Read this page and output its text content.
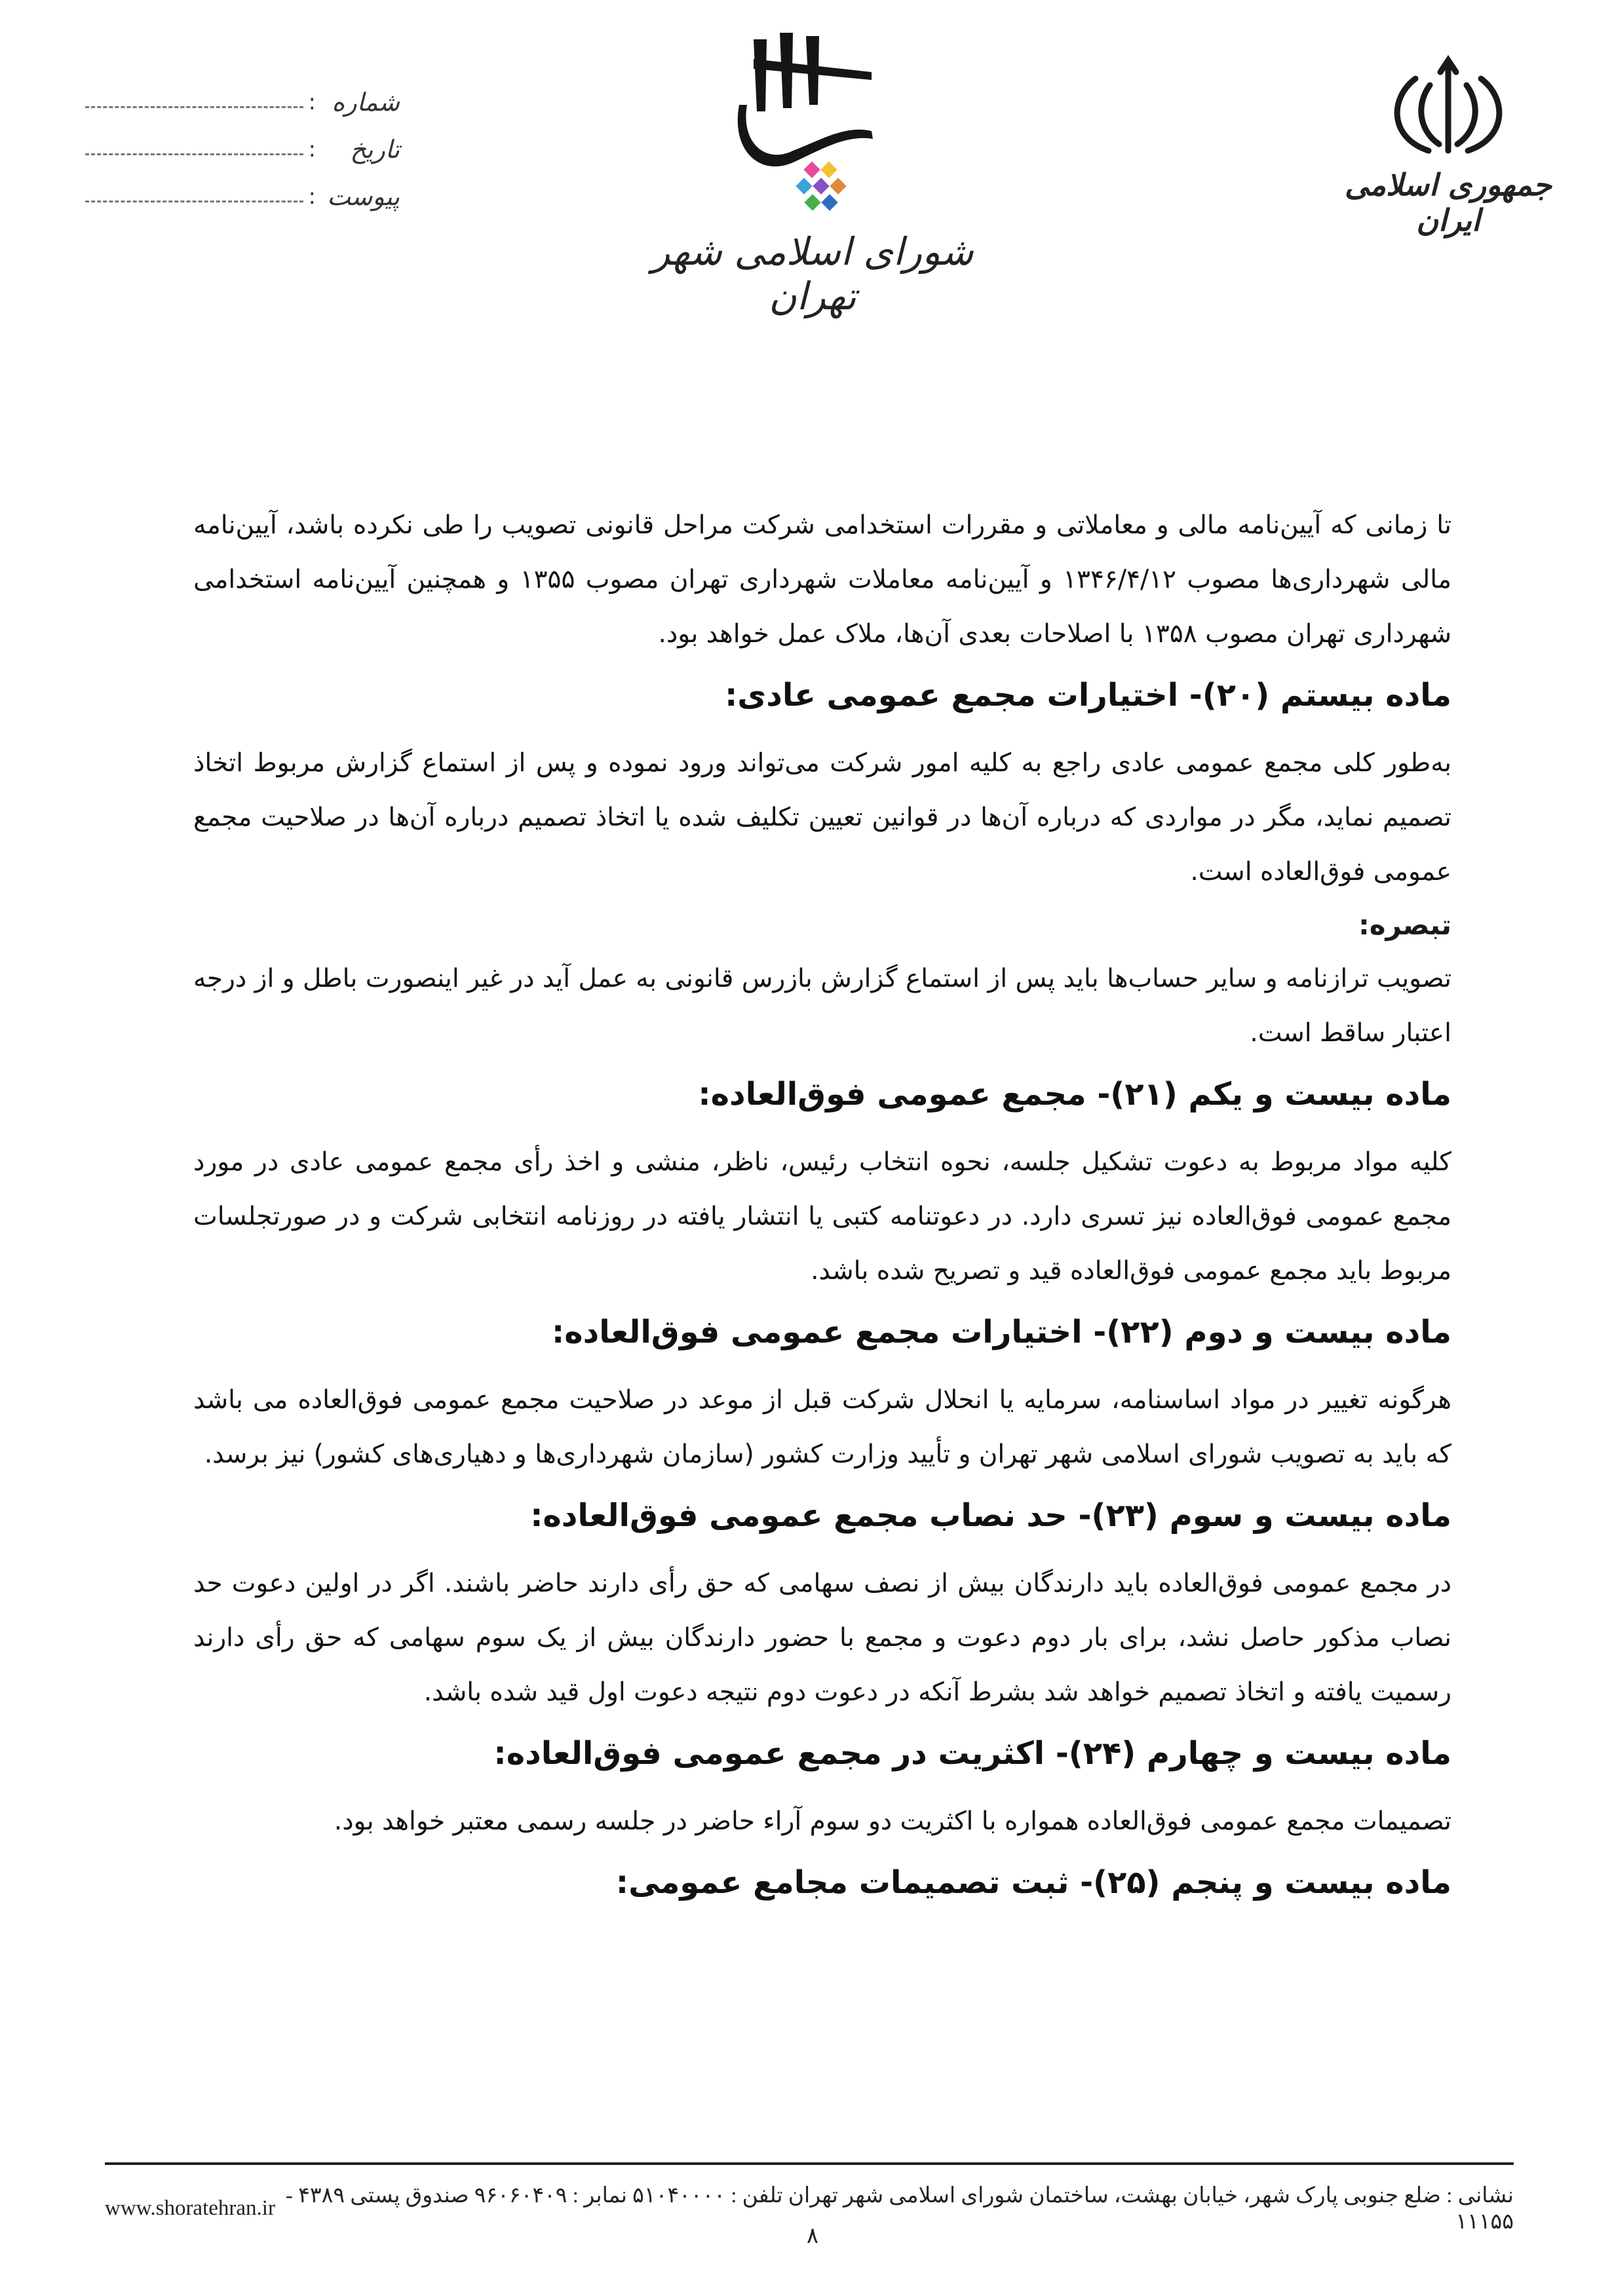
جمهوری اسلامی ایران
شورای اسلامی شهر تهران
شماره
:
تاریخ
:
پیوست
:

تا زمانی که آیین‌نامه مالی و معاملاتی و مقررات استخدامی شرکت مراحل قانونی تصویب را طی نکرده باشد، آیین‌نامه مالی شهرداری‌ها مصوب ۱۳۴۶/۴/۱۲ و آیین‌نامه معاملات شهرداری تهران مصوب ۱۳۵۵ و همچنین آیین‌نامه استخدامی شهرداری تهران مصوب ۱۳۵۸ با اصلاحات بعدی آن‌ها، ملاک عمل خواهد بود.

ماده بیستم (۲۰)- اختیارات مجمع عمومی عادی:

به‌طور کلی مجمع عمومی عادی راجع به کلیه امور شرکت می‌تواند ورود نموده و پس از استماع گزارش مربوط اتخاذ تصمیم نماید، مگر در مواردی که درباره آن‌ها در قوانین تعیین تکلیف شده یا اتخاذ تصمیم درباره آن‌ها در صلاحیت مجمع عمومی فوق‌العاده است.

تبصره:

تصویب ترازنامه و سایر حساب‌ها باید پس از استماع گزارش بازرس قانونی به عمل آید در غیر اینصورت باطل و از درجه اعتبار ساقط است.

ماده بیست و یکم (۲۱)- مجمع عمومی فوق‌العاده:

کلیه مواد مربوط به دعوت تشکیل جلسه، نحوه انتخاب رئیس، ناظر، منشی و اخذ رأی مجمع عمومی عادی در مورد مجمع عمومی فوق‌العاده نیز تسری دارد. در دعوتنامه کتبی یا انتشار یافته در روزنامه انتخابی شرکت و در صورتجلسات مربوط باید مجمع عمومی فوق‌العاده قید و تصریح شده باشد.

ماده بیست و دوم (۲۲)- اختیارات مجمع عمومی فوق‌العاده:

هرگونه تغییر در مواد اساسنامه، سرمایه یا انحلال شرکت قبل از موعد در صلاحیت مجمع عمومی فوق‌العاده می باشد که باید به تصویب شورای اسلامی شهر تهران و تأیید وزارت کشور (سازمان شهرداری‌ها و دهیاری‌های کشور) نیز برسد.

ماده بیست و سوم (۲۳)- حد نصاب مجمع عمومی فوق‌العاده:

در مجمع عمومی فوق‌العاده باید دارندگان بیش از نصف سهامی که حق رأی دارند حاضر باشند. اگر در اولین دعوت حد نصاب مذکور حاصل نشد، برای بار دوم دعوت و مجمع با حضور دارندگان بیش از یک سوم سهامی که حق رأی دارند رسمیت یافته و اتخاذ تصمیم خواهد شد بشرط آنکه در دعوت دوم نتیجه دعوت اول قید شده باشد.

ماده بیست و چهارم (۲۴)- اکثریت در مجمع عمومی فوق‌العاده:

تصمیمات مجمع عمومی فوق‌العاده همواره با اکثریت دو سوم آراء حاضر در جلسه رسمی معتبر خواهد بود.

ماده بیست و پنجم (۲۵)- ثبت تصمیمات مجامع عمومی:
www.shoratehran.ir
نشانی : ضلع جنوبی پارک شهر، خیابان بهشت، ساختمان شورای اسلامی شهر تهران تلفن : ۵۱۰۴۰۰۰۰ نمابر : ۹۶۰۶۰۴۰۹ صندوق پستی ۴۳۸۹ - ۱۱۱۵۵
۸
